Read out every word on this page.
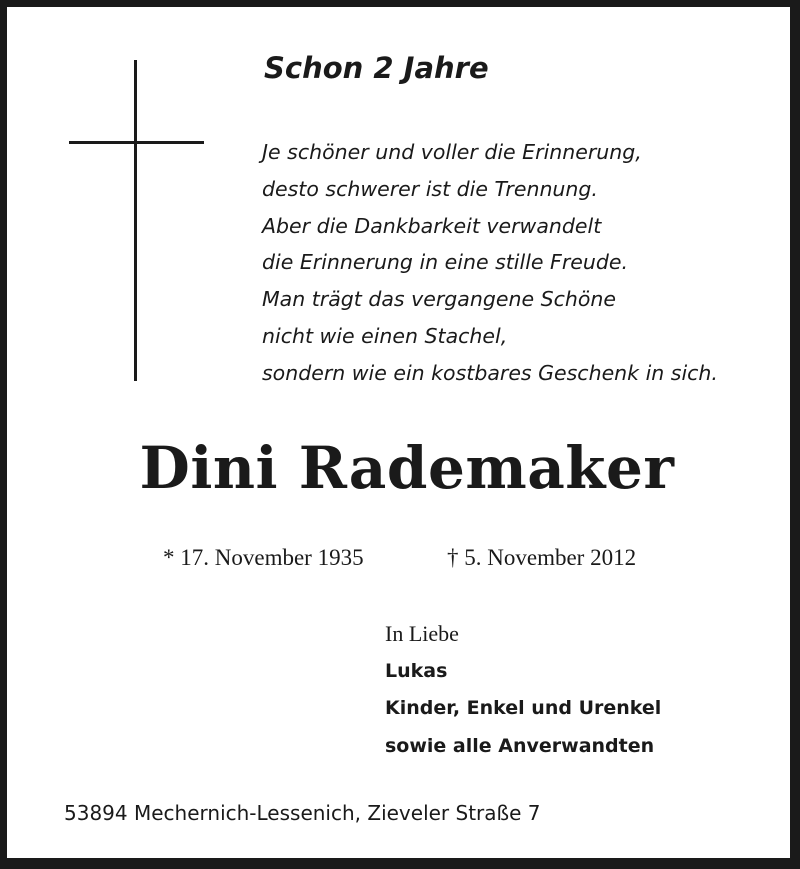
Schon 2 Jahre
Je schöner und voller die Erinnerung,
desto schwerer ist die Trennung.
Aber die Dankbarkeit verwandelt
die Erinnerung in eine stille Freude.
Man trägt das vergangene Schöne
nicht wie einen Stachel,
sondern wie ein kostbares Geschenk in sich.
Dini Rademaker
* 17. November 1935	† 5. November 2012
In Liebe
Lukas
Kinder, Enkel und Urenkel
sowie alle Anverwandten
53894 Mechernich-Lessenich, Zieveler Straße 7
